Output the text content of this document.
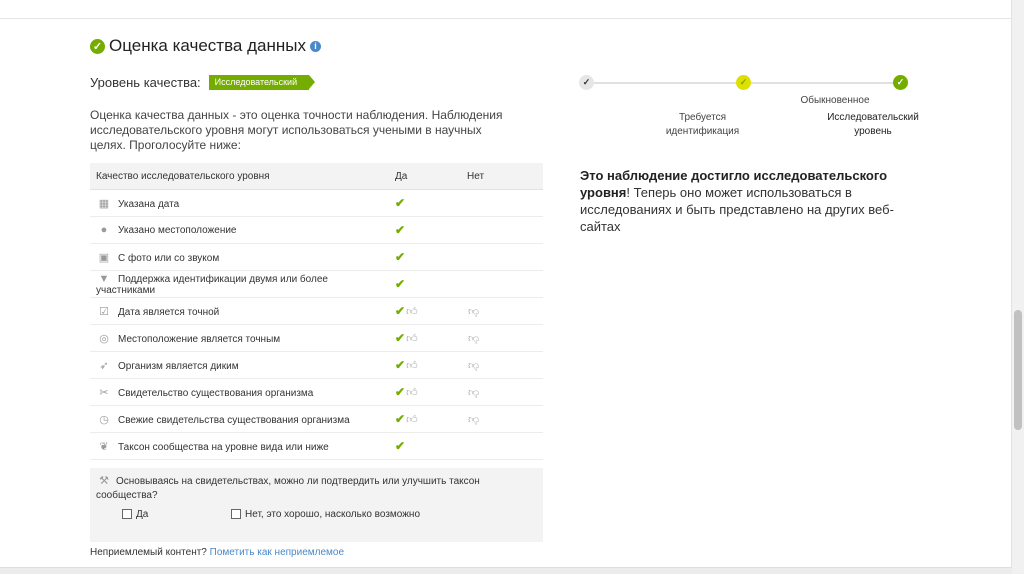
✓ Оценка качества данных i
Уровень качества:	Исследовательский
Оценка качества данных - это оценка точности наблюдения. Наблюдения исследовательского уровня могут использоваться учеными в научных целях. Проголосуйте ниже:
Качество исследовательского уровня	Да	Нет
▦ Указана дата	✔	
● Указано местоположение	✔	
▣ С фото или со звуком	✔	
▼ Поддержка идентификации двумя или более участниками	✔	
☑ Дата является точной	✔👍︎	👎︎
◎ Местоположение является точным	✔👍︎	👎︎
➶ Организм является диким	✔👍︎	👎︎
✂ Свидетельство существования организма	✔👍︎	👎︎
◷ Свежие свидетельства существования организма	✔👍︎	👎︎
❦ Таксон сообщества на уровне вида или ниже	✔	
⚒ Основываясь на свидетельствах, можно ли подтвердить или улучшить таксон сообщества?
Да	Нет, это хорошо, насколько возможно
Неприемлемый контент? Пометить как неприемлемое
✓	✓	✓
Обыкновенное
Требуется идентификация
Исследовательский уровень
Это наблюдение достигло исследовательского уровня! Теперь оно может использоваться в исследованиях и быть представлено на других веб-сайтах
